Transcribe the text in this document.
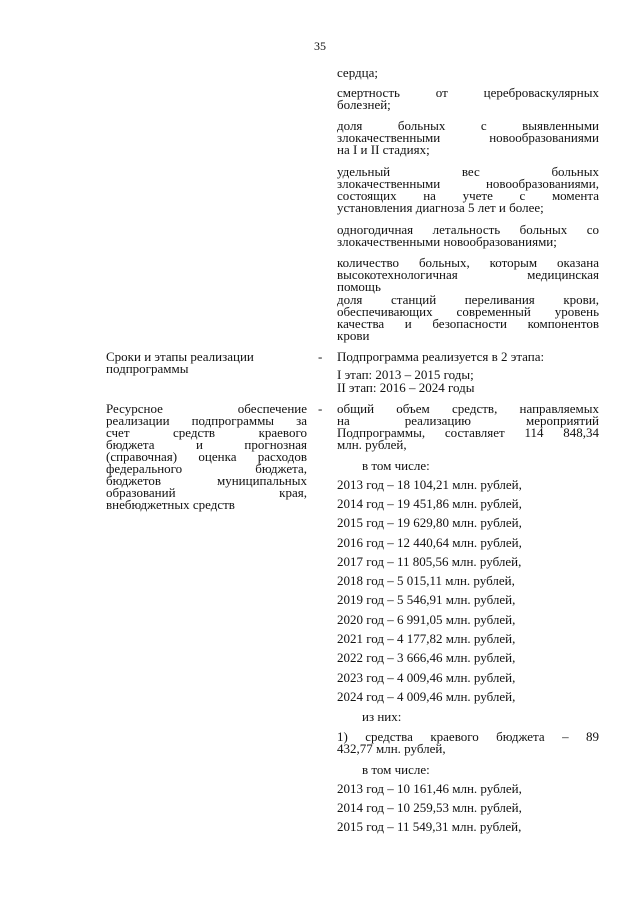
35
сердца;
смертность от цереброваскулярных
болезней;
доля больных с выявленными
злокачественными новообразованиями
на I и II стадиях;
удельный вес больных
злокачественными новообразованиями,
состоящих на учете с момента
установления диагноза 5 лет и более;
одногодичная летальность больных со
злокачественными новообразованиями;
количество больных, которым оказана
высокотехнологичная медицинская
помощь
доля станций переливания крови,
обеспечивающих современный уровень
качества и безопасности компонентов
крови
Сроки и этапы реализации
подпрограммы
- Подпрограмма реализуется в 2 этапа:
I этап: 2013 – 2015 годы;
II этап: 2016 – 2024 годы
Ресурсное обеспечение
реализации подпрограммы за
счет средств краевого
бюджета и прогнозная
(справочная) оценка расходов
федерального бюджета,
бюджетов муниципальных
образований края,
внебюджетных средств
- общий объем средств, направляемых
на реализацию мероприятий
Подпрограммы, составляет 114 848,34
млн. рублей,
в том числе:
2013 год – 18 104,21 млн. рублей,
2014 год – 19 451,86 млн. рублей,
2015 год – 19 629,80 млн. рублей,
2016 год – 12 440,64 млн. рублей,
2017 год – 11 805,56 млн. рублей,
2018 год – 5 015,11 млн. рублей,
2019 год – 5 546,91 млн. рублей,
2020 год – 6 991,05 млн. рублей,
2021 год – 4 177,82 млн. рублей,
2022 год – 3 666,46 млн. рублей,
2023 год – 4 009,46 млн. рублей,
2024 год – 4 009,46 млн. рублей,
из них:
1) средства краевого бюджета – 89
432,77 млн. рублей,
в том числе:
2013 год – 10 161,46 млн. рублей,
2014 год – 10 259,53 млн. рублей,
2015 год – 11 549,31 млн. рублей,
